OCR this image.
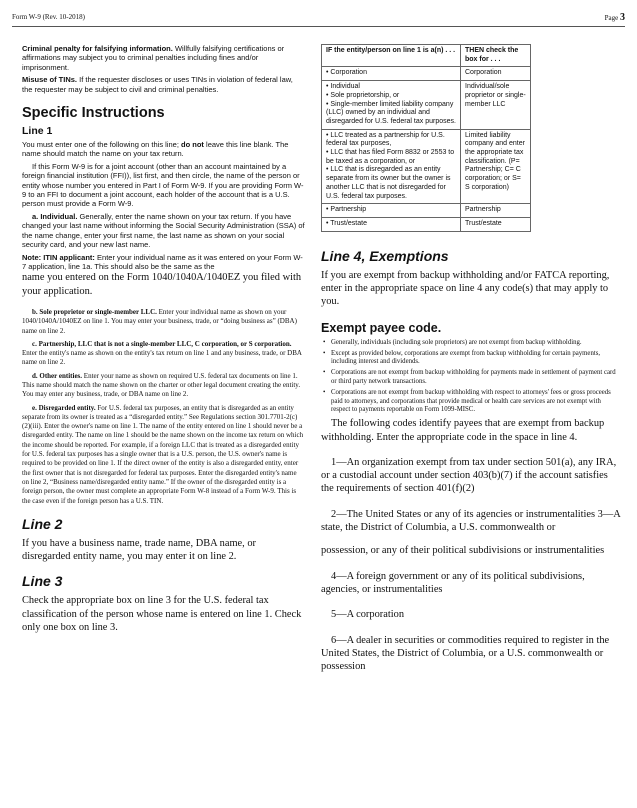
Form W-9 (Rev. 10-2018)	Page 3

Criminal penalty for falsifying information. Willfully falsifying certifications or affirmations may subject you to criminal penalties including fines and/or imprisonment.

Misuse of TINs. If the requester discloses or uses TINs in violation of federal law, the requester may be subject to civil and criminal penalties.

Specific Instructions
Line 1

You must enter one of the following on this line; do not leave this line blank. The name should match the name on your tax return.

If this Form W-9 is for a joint account (other than an account maintained by a foreign financial institution (FFI)), list first, and then circle, the name of the person or entity whose number you entered in Part I of Form W-9. If you are providing Form W-9 to an FFI to document a joint account, each holder of the account that is a U.S. person must provide a Form W-9.

a. Individual. Generally, enter the name shown on your tax return. If you have changed your last name without informing the Social Security Administration (SSA) of the name change, enter your first name, the last name as shown on your social security card, and your new last name.

Note: ITIN applicant: Enter your individual name as it was entered on your Form W-7 application, line 1a. This should also be the same as the

name you entered on the Form 1040/1040A/1040EZ you filed with your application.

b. Sole proprietor or single-member LLC. Enter your individual name as shown on your 1040/1040A/1040EZ on line 1. You may enter your business, trade, or “doing business as” (DBA) name on line 2.

c. Partnership, LLC that is not a single-member LLC, C corporation, or S corporation. Enter the entity's name as shown on the entity's tax return on line 1 and any business, trade, or DBA name on line 2.

d. Other entities. Enter your name as shown on required U.S. federal tax documents on line 1. This name should match the name shown on the charter or other legal document creating the entity. You may enter any business, trade, or DBA name on line 2.

e. Disregarded entity. For U.S. federal tax purposes, an entity that is disregarded as an entity separate from its owner is treated as a “disregarded entity.” See Regulations section 301.7701-2(c)(2)(iii). Enter the owner's name on line 1. The name of the entity entered on line 1 should never be a disregarded entity. The name on line 1 should be the name shown on the income tax return on which the income should be reported. For example, if a foreign LLC that is treated as a disregarded entity for U.S. federal tax purposes has a single owner that is a U.S. person, the U.S. owner's name is required to be provided on line 1. If the direct owner of the entity is also a disregarded entity, enter the first owner that is not disregarded for federal tax purposes. Enter the disregarded entity's name on line 2, “Business name/disregarded entity name.” If the owner of the disregarded entity is a foreign person, the owner must complete an appropriate Form W-8 instead of a Form W-9. This is the case even if the foreign person has a U.S. TIN.

Line 2

If you have a business name, trade name, DBA name, or disregarded entity name, you may enter it on line 2.

Line 3

Check the appropriate box on line 3 for the U.S. federal tax classification of the person whose name is entered on line 1. Check only one box on line 3.

IF the entity/person on line 1 is a(n) . . .	THEN check the box for . . .

• Corporation	Corporation

• Individual
• Sole proprietorship, or
• Single-member limited liability company (LLC) owned by an individual and disregarded for U.S. federal tax purposes.	Individual/sole proprietor or single-member LLC

• LLC treated as a partnership for U.S. federal tax purposes,
• LLC that has filed Form 8832 or 2553 to be taxed as a corporation, or
• LLC that is disregarded as an entity separate from its owner but the owner is another LLC that is not disregarded for U.S. federal tax purposes.	Limited liability company and enter the appropriate tax classification. (P= Partnership; C= C corporation; or S= S corporation)

• Partnership	Partnership

• Trust/estate	Trust/estate
Line 4, Exemptions

If you are exempt from backup withholding and/or FATCA reporting, enter in the appropriate space on line 4 any code(s) that may apply to you.

Exempt payee code.
• Generally, individuals (including sole proprietors) are not exempt from backup withholding.
• Except as provided below, corporations are exempt from backup withholding for certain payments, including interest and dividends.
• Corporations are not exempt from backup withholding for payments made in settlement of payment card or third party network transactions.
• Corporations are not exempt from backup withholding with respect to attorneys' fees or gross proceeds paid to attorneys, and corporations that provide medical or health care services are not exempt with respect to payments reportable on Form 1099-MISC.

The following codes identify payees that are exempt from backup withholding. Enter the appropriate code in the space in line 4.

1—An organization exempt from tax under section 501(a), any IRA, or a custodial account under section 403(b)(7) if the account satisfies the requirements of section 401(f)(2)

2—The United States or any of its agencies or instrumentalities 3—A state, the District of Columbia, a U.S. commonwealth or

possession, or any of their political subdivisions or instrumentalities

4—A foreign government or any of its political subdivisions, agencies, or instrumentalities

5—A corporation

6—A dealer in securities or commodities required to register in the United States, the District of Columbia, or a U.S. commonwealth or possession
